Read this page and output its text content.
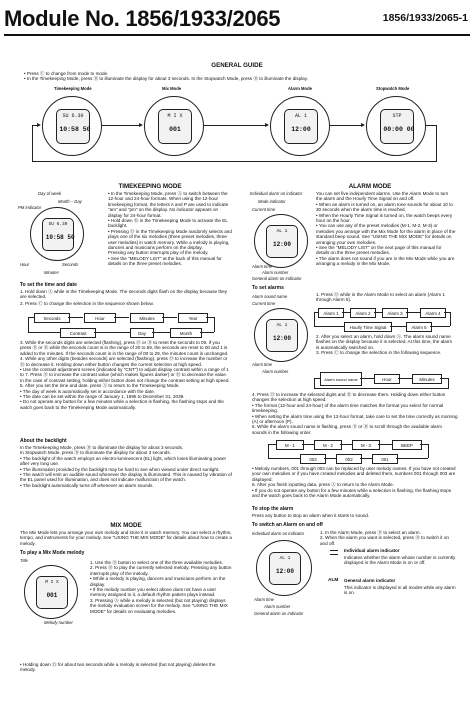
Module No. 1856/1933/2065	1856/1933/2065-1
GENERAL GUIDE
• Press Ⓒ to change from mode to mode.
• In the Timekeeping Mode, press Ⓑ to illuminate the display for about 3 seconds. In the Stopwatch Mode, press Ⓑ to illuminate the display.
Timekeeping Mode	Mix Mode	Alarm Mode	Stopwatch Mode
SU 6.30
10:58 50
M I X
001
AL 1
12:00
STP
00:00 00
TIMEKEEPING MODE
Day of week
Month – Day
PM indicator
SU 6.30
10:58 50
Hour	Seconds
Minutes
• In the Timekeeping Mode, press Ⓐ to switch between the 12-hour and 24-hour formats. When using the 12-hour timekeeping format, the letters A and P are used to indicate "am" and "pm" on the display. No indicator appears on display for 24-hour format.
• Hold down Ⓑ in the Timekeeping Mode to activate the EL backlight.
• Pressing Ⓓ in the Timekeeping Mode randomly selects and plays one of the six melodies (three preset melodies, three user melodies) in watch memory. While a melody is playing, dancers and musicians perform on the display.
Pressing any button interrupts play of the melody.
• See the "MELODY LIST" at the back of this manual for details on the three preset melodies.
To set the time and date
1. Hold down Ⓐ while in the Timekeeping Mode. The seconds digits flash on the display because they are selected.
2. Press Ⓒ to change the selection in the sequence shown below.
Seconds	Hour	Minutes	Year
Contrast	Day	Month
3. While the seconds digits are selected (flashing), press Ⓓ or Ⓑ to reset the seconds to 00. If you press Ⓓ or Ⓑ while the seconds count is in the range of 30 to 59, the seconds are reset to 00 and 1 is added to the minutes. If the seconds count is in the range of 00 to 29, the minutes count is unchanged.
4. While any other digits (besides seconds) are selected (flashing), press Ⓓ to increase the number or Ⓑ to decrease it. Holding down either button changes the current selection at high speed.
• Use the contrast adjustment screen (indicated by "CNT") to adjust display contrast within a range of 1 to 7. Press Ⓓ to increase the contrast value (which makes figures darker) or Ⓑ to decrease the value. In the case of contrast setting, holding either button does not change the contrast setting at high speed.
5. After you set the time and date, press Ⓐ to return to the Timekeeping Mode.
• The day of week is automatically set in accordance with the date.
• The date can be set within the range of January 1, 1995 to December 31, 2039.
• Do not operate any button for a few minutes while a selection is flashing, the flashing stops and the watch goes back to the Timekeeping Mode automatically.
About the backlight
In the Timekeeping Mode, press Ⓑ to illuminate the display for about 3 seconds.
In Stopwatch Mode, press Ⓑ to illuminate the display for about 3 seconds.
• The backlight of the watch employs an electro-luminescent (EL) light, which loses illuminating power after very long use.
• The illumination provided by the backlight may be hard to see when viewed under direct sunlight.
• The watch will emit an audible sound whenever the display is illuminated. This is caused by vibration of the EL panel used for illumination, and does not indicate malfunction of the watch.
• The backlight automatically turns off whenever an alarm sounds.
MIX MODE
The Mix Mode lets you arrange your own melody and store it in watch memory. You can select a rhythm, tempo, and instruments for your melody. See "USING THE MIX MODE" for details about how to create a melody.
To play a Mix Mode melody
Title
M I X
001
Melody number
1. Use the Ⓓ button to select one of the three available melodies.
2. Press Ⓑ to play the currently selected melody. Pressing any button interrupts play of the melody.
• While a melody is playing, dancers and musicians perform on the display.
• If the melody number you select above does not have a user memory assigned to it, a default rhythm pattern plays instead.
3. Pressing Ⓐ while a melody is selected (but not playing) displays the melody evaluation screen for the melody. See "USING THE MIX MODE" for details on evaluating melodies.
• Holding down Ⓓ for about two seconds while a melody is selected (but not playing) deletes the melody.
ALARM MODE
Individual alarm on indicator
Mode indicator
Current time
AL 1
12:00
Alarm time
Alarm number
General alarm on indicator
You can set five independent alarms. Use the Alarm Mode to turn the alarm and the Hourly Time Signal on and off.
• When an alarm is turned on, an alarm tone sounds for about 10 to 30 seconds when the alarm time is reached.
• When the Hourly Time Signal is turned on, the watch beeps every hour on the hour.
• You can use any of the preset melodies (M-1, M-2, M-3) or melodies you arrange with the Mix Mode for the alarm in place of the standard beep sound. See "USING THE MIX MODE" for details on arranging your own melodies.
• See the "MELODY LIST" on the next page of this manual for details on the three preset melodies.
• The alarm does not sound if you are in the Mix Mode while you are arranging a melody in the Mix Mode.
To set alarms
Alarm sound name
Current time
AL 1
12:00
Alarm time
Alarm number
1. Press Ⓓ while in the Alarm Mode to select an alarm (Alarm 1 through Alarm 5).
Alarm 1	Alarm 2	Alarm 3	Alarm 4
Hourly Time Signal	Alarm 5
2. After you select an alarm, hold down Ⓐ. The alarm sound name flashes on the display because it is selected. At this time, the alarm is automatically switched on.
3. Press Ⓒ to change the selection in the following sequence.
Alarm sound name	Hour	Minutes
4. Press Ⓓ to increase the selected digits and Ⓑ to decrease them. Holding down either button changes the selection at high speed.
• The format (12-hour and 24-hour) of the alarm time matches the format you select for normal timekeeping.
• When setting the alarm time using the 12-hour format, take care to set the time correctly as morning (A) or afternoon (P).
5. While the alarm sound name is flashing, press Ⓓ or Ⓑ to scroll through the available alarm sounds in the following order.
M - 1	M - 2	M - 3	BEEP
003	002	001
• Melody numbers, 001 through 003 can be replaced by user melody names. If you have not created your own melodies or if you have created melodies and deleted them, numbers 001 through 003 are displayed.
6. After you finish inputting data, press Ⓐ to return to the Alarm Mode.
• If you do not operate any button for a few minutes while a selection is flashing, the flashing stops and the watch goes back to the Alarm Mode automatically.
To stop the alarm
Press any button to stop an alarm when it starts to sound.
To switch an Alarm on and off
Individual alarm on indicator
AL 1
12:00
Alarm time
Alarm number
General alarm on indicator
1. In the Alarm Mode, press Ⓓ to select an alarm.
2. When the alarm you want is selected, press Ⓑ to switch it on and off.
Individual alarm indicator
Indicates whether the alarm whose number is currently displayed in the Alarm Mode is on or off.
ALM General alarm indicator
This indicator is displayed in all modes while any alarm is on.
